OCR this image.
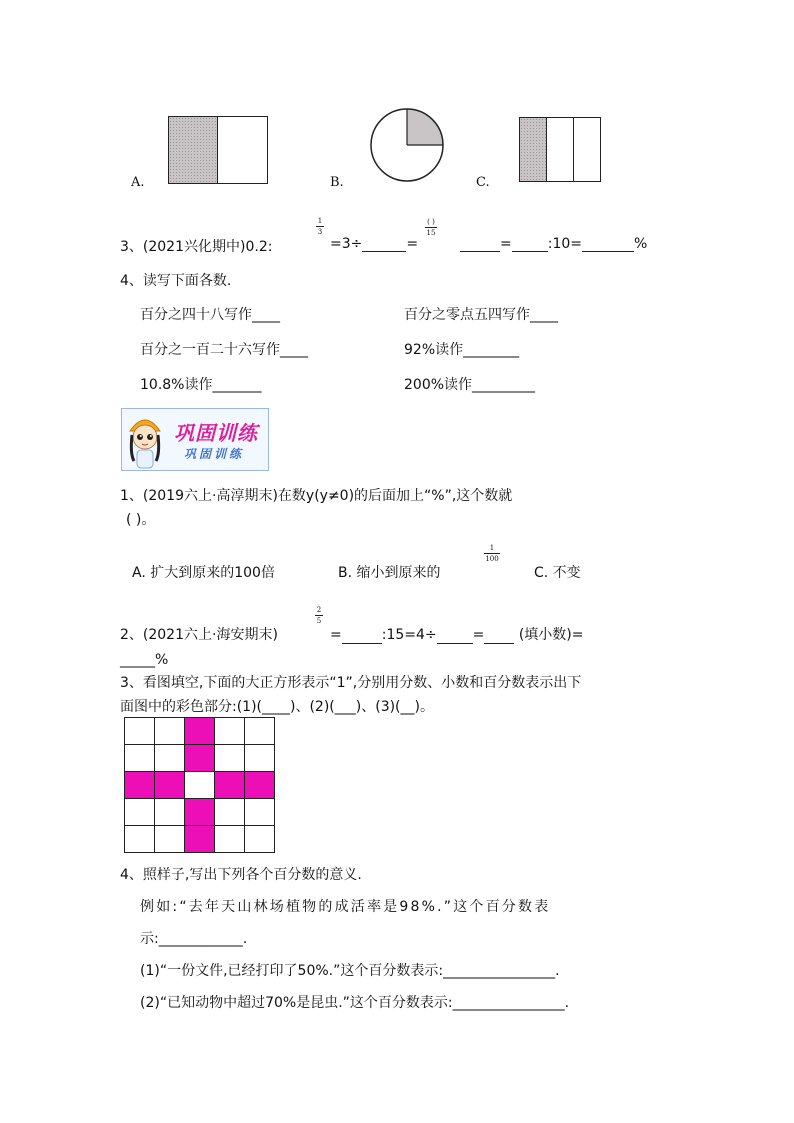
A.	B.	C.
3、(2021兴化期中)0.2:
1
3
=3÷	=
( )
15
=	:10=	%
4、读写下面各数.
百分之四十八写作____	百分之零点五四写作____
百分之一百二十六写作____	92%读作________
10.8%读作_______	200%读作_________
巩固训练
巩固训练
1、(2019六上·高淳期末)在数y(y≠0)的后面加上“%”,这个数就
( )。
A. 扩大到原来的100倍	B. 缩小到原来的
1
100
C. 不变
2、(2021六上·海安期末)
2
5
=	:15=4÷	= (填小数)=
_____%
3、看图填空,下面的大正方形表示“1”,分别用分数、小数和百分数表示出下
面图中的彩色部分:(1)(____)、(2)(___)、(3)(__)。

4、照样子,写出下列各个百分数的意义.
例如:“去年天山林场植物的成活率是98%.”这个百分数表
示:____________.
(1)“一份文件,已经打印了50%.”这个百分数表示:________________.
(2)“已知动物中超过70%是昆虫.”这个百分数表示:________________.
